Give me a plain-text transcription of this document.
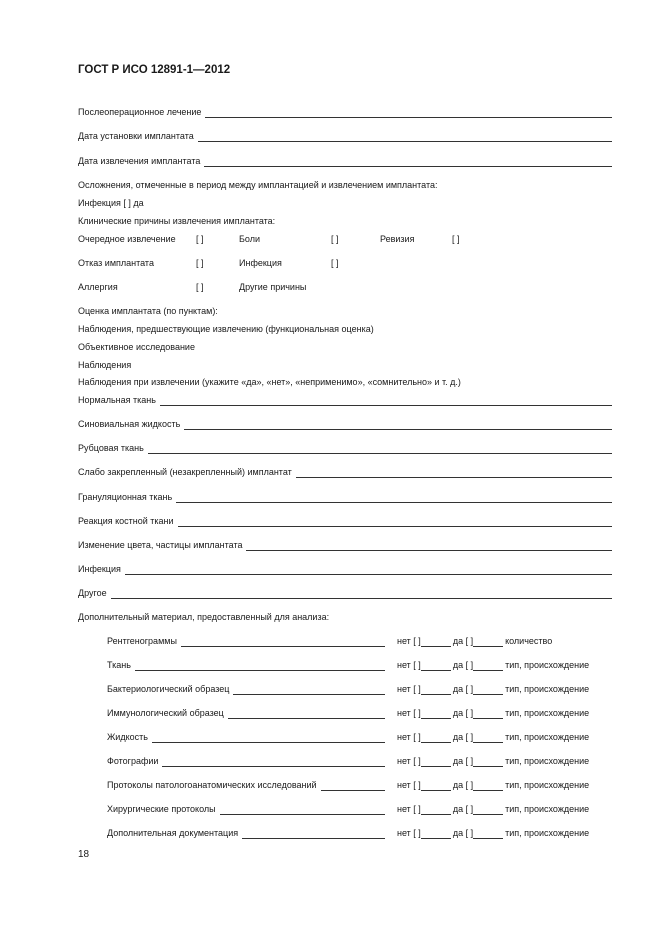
ГОСТ Р ИСО 12891-1—2012
Послеоперационное лечение
Дата установки имплантата
Дата извлечения имплантата
Осложнения, отмеченные в период между имплантацией и извлечением имплантата:
Инфекция [ ] да
Клинические причины извлечения имплантата:
Очередное извлечение [ ]	Боли	[ ]	Ревизия	[ ]
Отказ имплантата	[ ]	Инфекция	[ ]
Аллергия	[ ]	Другие причины
Оценка имплантата (по пунктам):
Наблюдения, предшествующие извлечению (функциональная оценка)
Объективное исследование
Наблюдения
Наблюдения при извлечении (укажите «да», «нет», «неприменимо», «сомнительно» и т. д.)
Нормальная ткань
Синовиальная жидкость
Рубцовая ткань
Слабо закрепленный (незакрепленный) имплантат
Грануляционная ткань
Реакция костной ткани
Изменение цвета, частицы имплантата
Инфекция
Другое
Дополнительный материал, предоставленный для анализа:
Рентгенограммы	нет [ ]	да [ ]	количество
Ткань	нет [ ]	да [ ]	тип, происхождение
Бактериологический образец	нет [ ]	да [ ]	тип, происхождение
Иммунологический образец	нет [ ]	да [ ]	тип, происхождение
Жидкость	нет [ ]	да [ ]	тип, происхождение
Фотографии	нет [ ]	да [ ]	тип, происхождение
Протоколы патологоанатомических исследований	нет [ ]	да [ ]	тип, происхождение
Хирургические протоколы	нет [ ]	да [ ]	тип, происхождение
Дополнительная документация	нет [ ]	да [ ]	тип, происхождение
18
